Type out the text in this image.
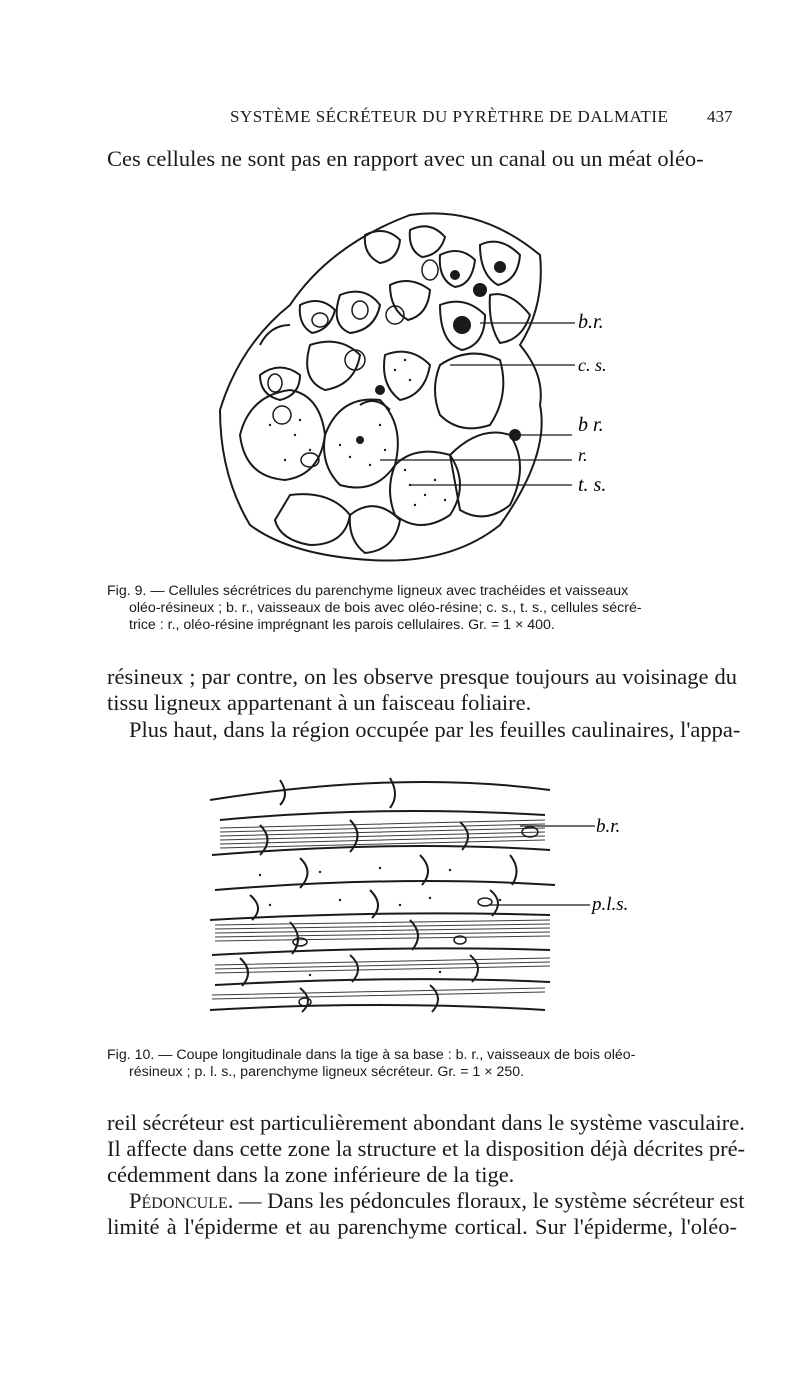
SYSTÈME SÉCRÉTEUR DU PYRÈTHRE DE DALMATIE 437
Ces cellules ne sont pas en rapport avec un canal ou un méat oléo-
b.r.
c. s.
b r.
r.
t. s.

Fig. 9. — Cellules sécrétrices du parenchyme ligneux avec trachéides et vaisseaux

oléo-résineux ; b. r., vaisseaux de bois avec oléo-résine; c. s., t. s., cellules sécré-

trice : r., oléo-résine imprégnant les parois cellulaires. Gr. = 1 × 400.

résineux ; par contre, on les observe presque toujours au voisinage du
tissu ligneux appartenant à un faisceau foliaire.
Plus haut, dans la région occupée par les feuilles caulinaires, l'appa-
b.r.
p.l.s.

Fig. 10. — Coupe longitudinale dans la tige à sa base : b. r., vaisseaux de bois oléo-

résineux ; p. l. s., parenchyme ligneux sécréteur. Gr. = 1 × 250.

reil sécréteur est particulièrement abondant dans le système vasculaire.
Il affecte dans cette zone la structure et la disposition déjà décrites pré-
cédemment dans la zone inférieure de la tige.
Pédoncule. — Dans les pédoncules floraux, le système sécréteur est
limité à l'épiderme et au parenchyme cortical. Sur l'épiderme, l'oléo-
